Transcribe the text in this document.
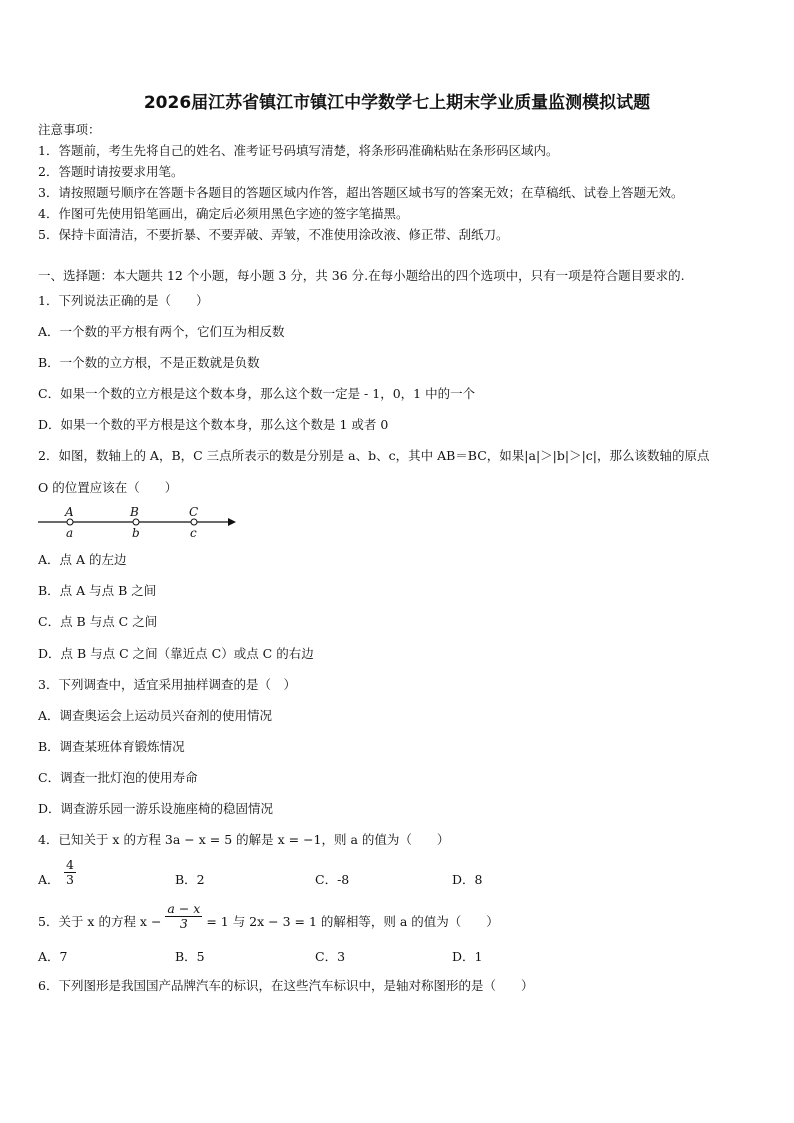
2026届江苏省镇江市镇江中学数学七上期末学业质量监测模拟试题
注意事项：
1．答题前，考生先将自己的姓名、准考证号码填写清楚，将条形码准确粘贴在条形码区域内。
2．答题时请按要求用笔。
3．请按照题号顺序在答题卡各题目的答题区域内作答，超出答题区域书写的答案无效；在草稿纸、试卷上答题无效。
4．作图可先使用铅笔画出，确定后必须用黑色字迹的签字笔描黑。
5．保持卡面清洁，不要折暴、不要弄破、弄皱，不准使用涂改液、修正带、刮纸刀。
一、选择题：本大题共 12 个小题，每小题 3 分，共 36 分.在每小题给出的四个选项中，只有一项是符合题目要求的.
1．下列说法正确的是（　　）
A．一个数的平方根有两个，它们互为相反数
B．一个数的立方根，不是正数就是负数
C．如果一个数的立方根是这个数本身，那么这个数一定是 - 1，0，1 中的一个
D．如果一个数的平方根是这个数本身，那么这个数是 1 或者 0
2．如图，数轴上的 A，B，C 三点所表示的数是分别是 a、b、c，其中 AB＝BC，如果|a|＞|b|＞|c|，那么该数轴的原点
O 的位置应该在（　　）
A	B	C
a	b	c
A．点 A 的左边
B．点 A 与点 B 之间
C．点 B 与点 C 之间
D．点 B 与点 C 之间（靠近点 C）或点 C 的右边
3．下列调查中，适宜采用抽样调查的是（　）
A．调查奥运会上运动员兴奋剂的使用情况
B．调查某班体育锻炼情况
C．调查一批灯泡的使用寿命
D．调查游乐园一游乐设施座椅的稳固情况
4．已知关于 x 的方程 3a − x = 5 的解是 x = −1，则 a 的值为（　　）
A． $\frac{4}{3}$	B．2	C．-8	D．8
5．关于 x 的方程 $x - \frac{a - x}{3} = 1$ 与 2x − 3 = 1 的解相等，则 a 的值为（　　）
A．7	B．5	C．3	D．1
6．下列图形是我国国产品牌汽车的标识，在这些汽车标识中，是轴对称图形的是（　　）
